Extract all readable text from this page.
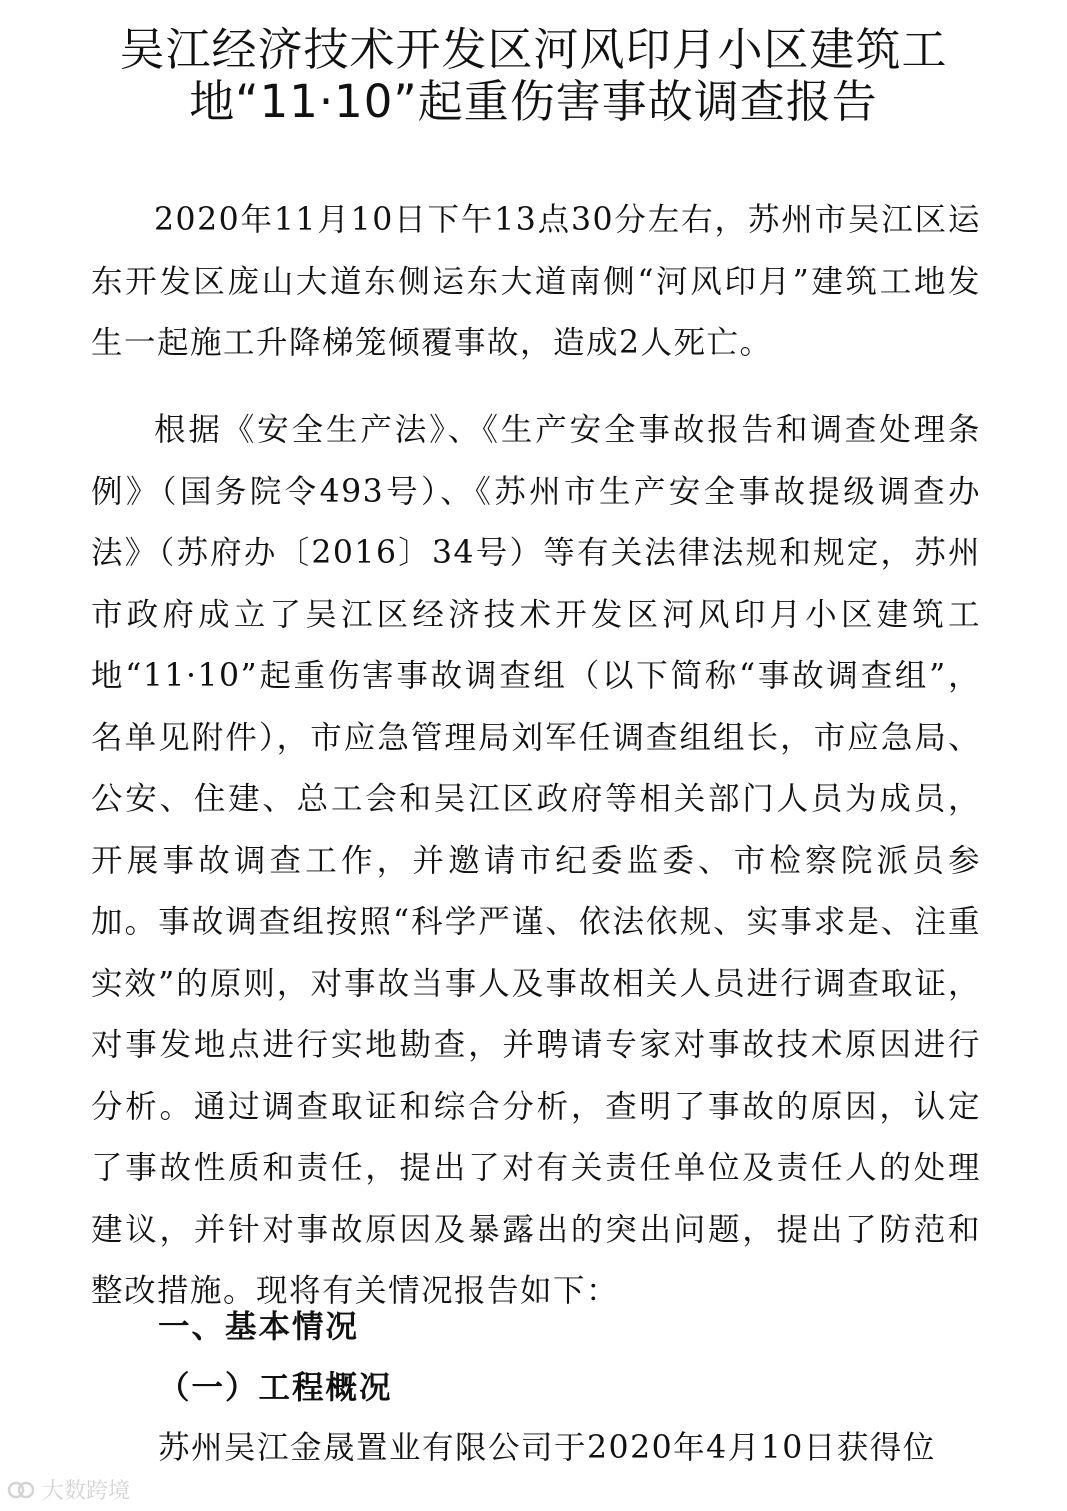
吴江经济技术开发区河风印月小区建筑工
地“11·10”起重伤害事故调查报告

2020年11月10日下午13点30分左右，苏州市吴江区运东开发区庞山大道东侧运东大道南侧“河风印月”建筑工地发生一起施工升降梯笼倾覆事故，造成2人死亡。

根据《安全生产法》、《生产安全事故报告和调查处理条例》（国务院令493号）、《苏州市生产安全事故提级调查办法》（苏府办〔2016〕34号）等有关法律法规和规定，苏州市政府成立了吴江区经济技术开发区河风印月小区建筑工地“11·10”起重伤害事故调查组（以下简称“事故调查组”，名单见附件），市应急管理局刘军任调查组组长，市应急局、公安、住建、总工会和吴江区政府等相关部门人员为成员，开展事故调查工作，并邀请市纪委监委、市检察院派员参加。事故调查组按照“科学严谨、依法依规、实事求是、注重实效”的原则，对事故当事人及事故相关人员进行调查取证，对事发地点进行实地勘查，并聘请专家对事故技术原因进行分析。通过调查取证和综合分析，查明了事故的原因，认定了事故性质和责任，提出了对有关责任单位及责任人的处理建议，并针对事故原因及暴露出的突出问题，提出了防范和整改措施。现将有关情况报告如下：

一、基本情况
（一）工程概况
苏州吴江金晟置业有限公司于2020年4月10日获得位
大数跨境
